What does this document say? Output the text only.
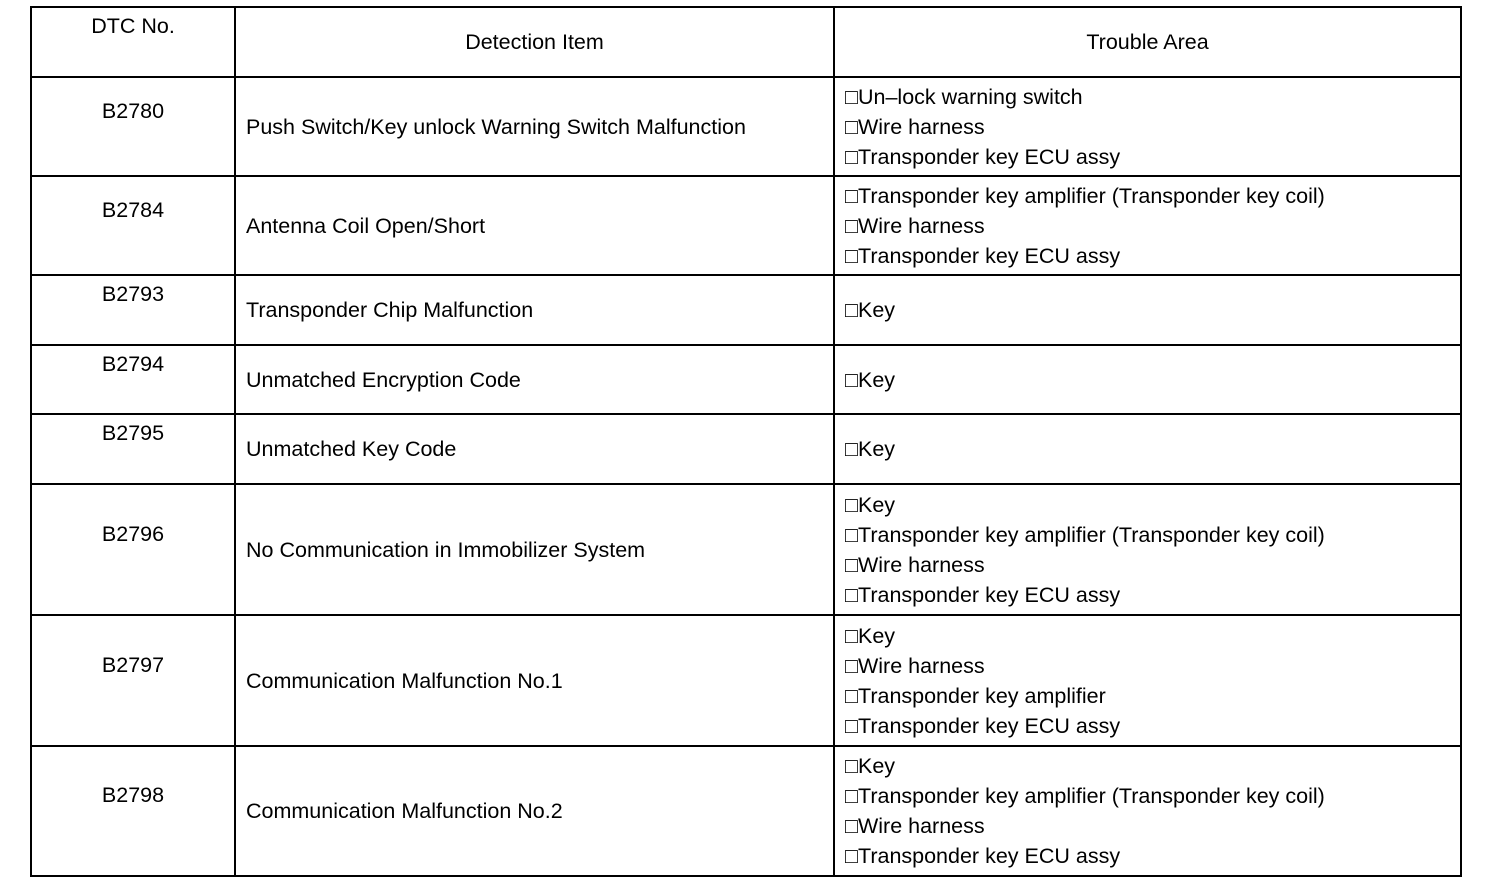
DTC No.	Detection Item	Trouble Area
B2780	Push Switch/Key unlock Warning Switch Malfunction	□Un–lock warning switch
□Wire harness
□Transponder key ECU assy

B2784	Antenna Coil Open/Short	□Transponder key amplifier (Transponder key coil)
□Wire harness
□Transponder key ECU assy

B2793	Transponder Chip Malfunction	□Key

B2794	Unmatched Encryption Code	□Key

B2795	Unmatched Key Code	□Key

B2796	No Communication in Immobilizer System	□Key
□Transponder key amplifier (Transponder key coil)
□Wire harness
□Transponder key ECU assy

B2797	Communication Malfunction No.1	□Key
□Wire harness
□Transponder key amplifier
□Transponder key ECU assy

B2798	Communication Malfunction No.2	□Key
□Transponder key amplifier (Transponder key coil)
□Wire harness
□Transponder key ECU assy
